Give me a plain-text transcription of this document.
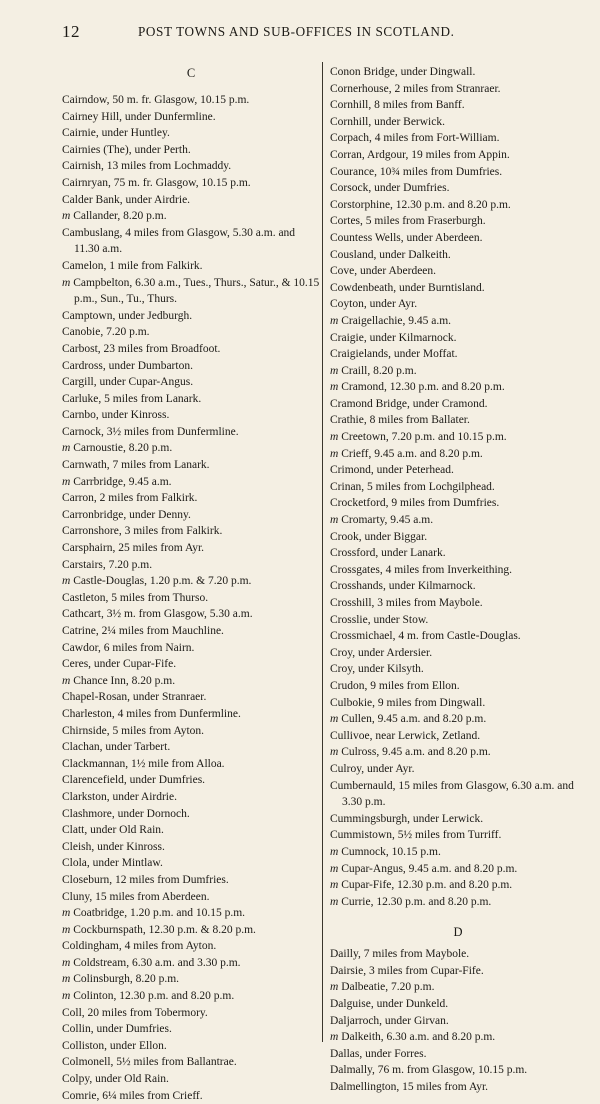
12	POST TOWNS AND SUB-OFFICES IN SCOTLAND.
C
Cairndow, 50 m. fr. Glasgow, 10.15 p.m.
Cairney Hill, under Dunfermline.
Cairnie, under Huntley.
Cairnies (The), under Perth.
Cairnish, 13 miles from Lochmaddy.
Cairnryan, 75 m. fr. Glasgow, 10.15 p.m.
Calder Bank, under Airdrie.
m Callander, 8.20 p.m.
Cambuslang, 4 miles from Glasgow, 5.30 a.m. and 11.30 a.m.
Camelon, 1 mile from Falkirk.
m Campbelton, 6.30 a.m., Tues., Thurs., Satur., & 10.15 p.m., Sun., Tu., Thurs.
Camptown, under Jedburgh.
Canobie, 7.20 p.m.
Carbost, 23 miles from Broadfoot.
Cardross, under Dumbarton.
Cargill, under Cupar-Angus.
Carluke, 5 miles from Lanark.
Carnbo, under Kinross.
Carnock, 3½ miles from Dunfermline.
m Carnoustie, 8.20 p.m.
Carnwath, 7 miles from Lanark.
m Carrbridge, 9.45 a.m.
Carron, 2 miles from Falkirk.
Carronbridge, under Denny.
Carronshore, 3 miles from Falkirk.
Carsphairn, 25 miles from Ayr.
Carstairs, 7.20 p.m.
m Castle-Douglas, 1.20 p.m. & 7.20 p.m.
Castleton, 5 miles from Thurso.
Cathcart, 3½ m. from Glasgow, 5.30 a.m.
Catrine, 2¼ miles from Mauchline.
Cawdor, 6 miles from Nairn.
Ceres, under Cupar-Fife.
m Chance Inn, 8.20 p.m.
Chapel-Rosan, under Stranraer.
Charleston, 4 miles from Dunfermline.
Chirnside, 5 miles from Ayton.
Clachan, under Tarbert.
Clackmannan, 1½ mile from Alloa.
Clarencefield, under Dumfries.
Clarkston, under Airdrie.
Clashmore, under Dornoch.
Clatt, under Old Rain.
Cleish, under Kinross.
Clola, under Mintlaw.
Closeburn, 12 miles from Dumfries.
Cluny, 15 miles from Aberdeen.
m Coatbridge, 1.20 p.m. and 10.15 p.m.
m Cockburnspath, 12.30 p.m. & 8.20 p.m.
Coldingham, 4 miles from Ayton.
m Coldstream, 6.30 a.m. and 3.30 p.m.
m Colinsburgh, 8.20 p.m.
m Colinton, 12.30 p.m. and 8.20 p.m.
Coll, 20 miles from Tobermory.
Collin, under Dumfries.
Colliston, under Ellon.
Colmonell, 5½ miles from Ballantrae.
Colpy, under Old Rain.
Comrie, 6¼ miles from Crieff.
Conon Bridge, under Dingwall.
Cornerhouse, 2 miles from Stranraer.
Cornhill, 8 miles from Banff.
Cornhill, under Berwick.
Corpach, 4 miles from Fort-William.
Corran, Ardgour, 19 miles from Appin.
Courance, 10¾ miles from Dumfries.
Corsock, under Dumfries.
Corstorphine, 12.30 p.m. and 8.20 p.m.
Cortes, 5 miles from Fraserburgh.
Countess Wells, under Aberdeen.
Cousland, under Dalkeith.
Cove, under Aberdeen.
Cowdenbeath, under Burntisland.
Coyton, under Ayr.
m Craigellachie, 9.45 a.m.
Craigie, under Kilmarnock.
Craigielands, under Moffat.
m Craill, 8.20 p.m.
m Cramond, 12.30 p.m. and 8.20 p.m.
Cramond Bridge, under Cramond.
Crathie, 8 miles from Ballater.
m Creetown, 7.20 p.m. and 10.15 p.m.
m Crieff, 9.45 a.m. and 8.20 p.m.
Crimond, under Peterhead.
Crinan, 5 miles from Lochgilphead.
Crocketford, 9 miles from Dumfries.
m Cromarty, 9.45 a.m.
Crook, under Biggar.
Crossford, under Lanark.
Crossgates, 4 miles from Inverkeithing.
Crosshands, under Kilmarnock.
Crosshill, 3 miles from Maybole.
Crosslie, under Stow.
Crossmichael, 4 m. from Castle-Douglas.
Croy, under Ardersier.
Croy, under Kilsyth.
Crudon, 9 miles from Ellon.
Culbokie, 9 miles from Dingwall.
m Cullen, 9.45 a.m. and 8.20 p.m.
Cullivoe, near Lerwick, Zetland.
m Culross, 9.45 a.m. and 8.20 p.m.
Culroy, under Ayr.
Cumbernauld, 15 miles from Glasgow, 6.30 a.m. and 3.30 p.m.
Cummingsburgh, under Lerwick.
Cummistown, 5½ miles from Turriff.
m Cumnock, 10.15 p.m.
m Cupar-Angus, 9.45 a.m. and 8.20 p.m.
m Cupar-Fife, 12.30 p.m. and 8.20 p.m.
m Currie, 12.30 p.m. and 8.20 p.m.
D
Dailly, 7 miles from Maybole.
Dairsie, 3 miles from Cupar-Fife.
m Dalbeatie, 7.20 p.m.
Dalguise, under Dunkeld.
Daljarroch, under Girvan.
m Dalkeith, 6.30 a.m. and 8.20 p.m.
Dallas, under Forres.
Dalmally, 76 m. from Glasgow, 10.15 p.m.
Dalmellington, 15 miles from Ayr.
